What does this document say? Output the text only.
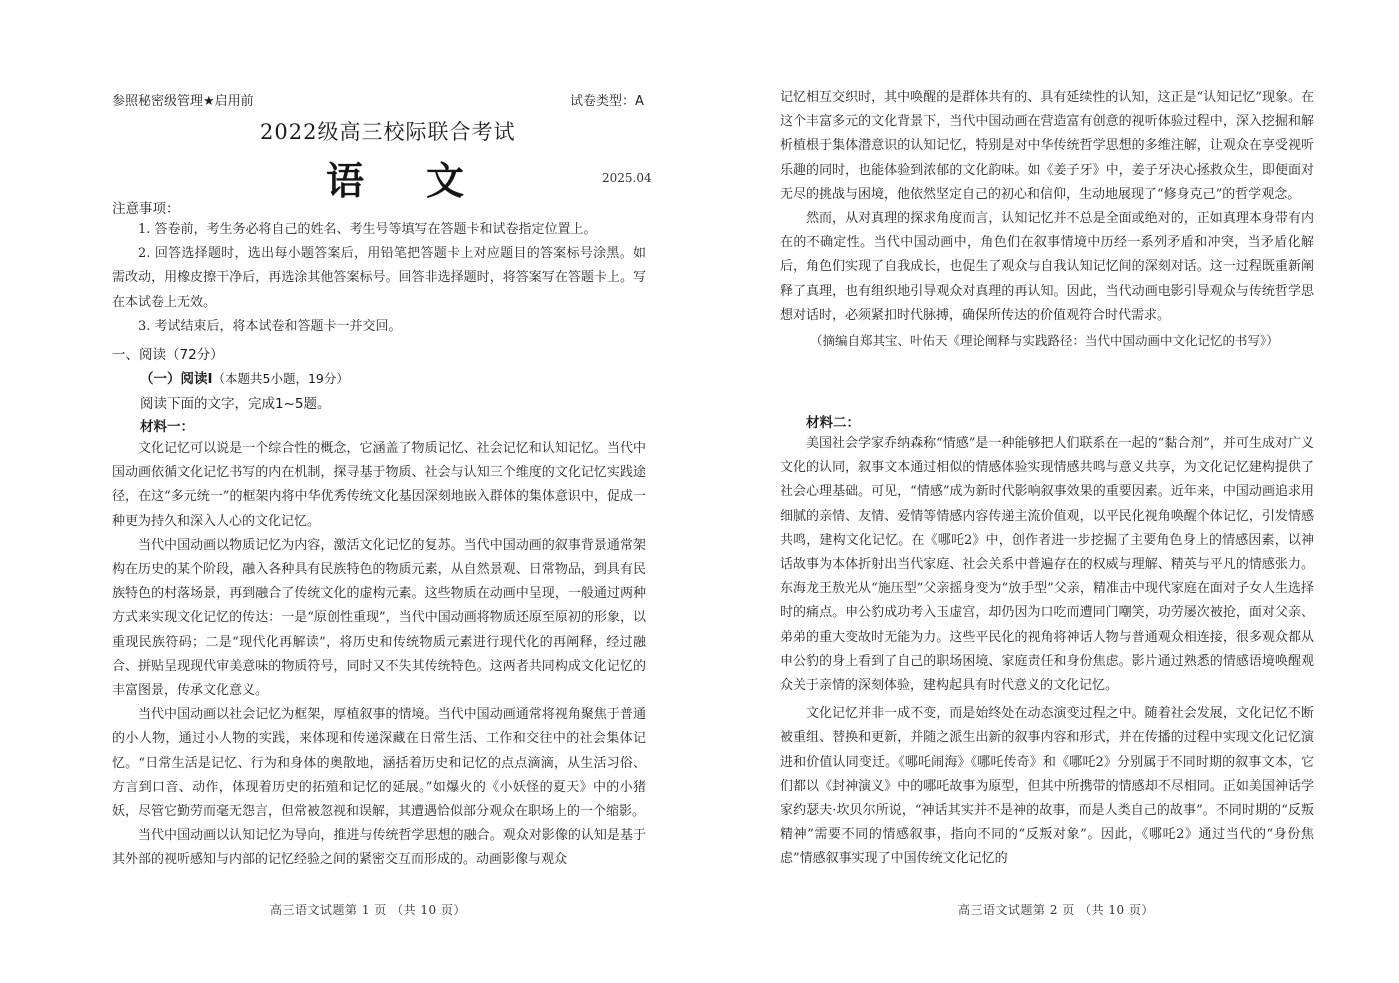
参照秘密级管理★启用前	试卷类型：A
2022级高三校际联合考试
语文	2025.04
注意事项：

1. 答卷前，考生务必将自己的姓名、考生号等填写在答题卡和试卷指定位置上。

2. 回答选择题时，选出每小题答案后，用铅笔把答题卡上对应题目的答案标号涂黑。如需改动，用橡皮擦干净后，再选涂其他答案标号。回答非选择题时，将答案写在答题卡上。写在本试卷上无效。

3. 考试结束后，将本试卷和答题卡一并交回。

一、阅读（72分）
（一）阅读Ⅰ（本题共5小题，19分）
阅读下面的文字，完成1~5题。
材料一：

文化记忆可以说是一个综合性的概念，它涵盖了物质记忆、社会记忆和认知记忆。当代中国动画依循文化记忆书写的内在机制，探寻基于物质、社会与认知三个维度的文化记忆实践途径，在这“多元统一”的框架内将中华优秀传统文化基因深刻地嵌入群体的集体意识中，促成一种更为持久和深入人心的文化记忆。

当代中国动画以物质记忆为内容，激活文化记忆的复苏。当代中国动画的叙事背景通常架构在历史的某个阶段，融入各种具有民族特色的物质元素，从自然景观、日常物品，到具有民族特色的村落场景，再到融合了传统文化的虚构元素。这些物质在动画中呈现，一般通过两种方式来实现文化记忆的传达：一是“原创性重现”，当代中国动画将物质还原至原初的形象，以重现民族符码；二是“现代化再解读”，将历史和传统物质元素进行现代化的再阐释，经过融合、拼贴呈现现代审美意味的物质符号，同时又不失其传统特色。这两者共同构成文化记忆的丰富图景，传承文化意义。

当代中国动画以社会记忆为框架，厚植叙事的情境。当代中国动画通常将视角聚焦于普通的小人物，通过小人物的实践，来体现和传递深藏在日常生活、工作和交往中的社会集体记忆。“日常生活是记忆、行为和身体的奥散地，涵括着历史和记忆的点点滴滴，从生活习俗、方言到口音、动作，体现着历史的拓殖和记忆的延展。”如爆火的《小妖怪的夏天》中的小猪妖，尽管它勤劳而毫无怨言，但常被忽视和误解，其遭遇恰似部分观众在职场上的一个缩影。

当代中国动画以认知记忆为导向，推进与传统哲学思想的融合。观众对影像的认知是基于其外部的视听感知与内部的记忆经验之间的紧密交互而形成的。动画影像与观众

高三语文试题第 1 页 （共 10 页）

记忆相互交织时，其中唤醒的是群体共有的、具有延续性的认知，这正是“认知记忆”现象。在这个丰富多元的文化背景下，当代中国动画在营造富有创意的视听体验过程中，深入挖掘和解析植根于集体潜意识的认知记忆，特别是对中华传统哲学思想的多维注解，让观众在享受视听乐趣的同时，也能体验到浓郁的文化韵味。如《姜子牙》中，姜子牙决心拯救众生，即便面对无尽的挑战与困境，他依然坚定自己的初心和信仰，生动地展现了“修身克己”的哲学观念。

然而，从对真理的探求角度而言，认知记忆并不总是全面或绝对的，正如真理本身带有内在的不确定性。当代中国动画中，角色们在叙事情境中历经一系列矛盾和冲突，当矛盾化解后，角色们实现了自我成长，也促生了观众与自我认知记忆间的深刻对话。这一过程既重新阐释了真理，也有组织地引导观众对真理的再认知。因此，当代动画电影引导观众与传统哲学思想对话时，必须紧扣时代脉搏，确保所传达的价值观符合时代需求。

（摘编自郑其宝、叶佑天《理论阐释与实践路径：当代中国动画中文化记忆的书写》）

材料二：

美国社会学家乔纳森称“情感”是一种能够把人们联系在一起的“黏合剂”，并可生成对广义文化的认同，叙事文本通过相似的情感体验实现情感共鸣与意义共享，为文化记忆建构提供了社会心理基础。可见，“情感”成为新时代影响叙事效果的重要因素。近年来，中国动画追求用细腻的亲情、友情、爱情等情感内容传递主流价值观，以平民化视角唤醒个体记忆，引发情感共鸣，建构文化记忆。在《哪吒2》中，创作者进一步挖掘了主要角色身上的情感因素，以神话故事为本体折射出当代家庭、社会关系中普遍存在的权威与理解、精英与平凡的情感张力。东海龙王敖光从“施压型”父亲摇身变为“放手型”父亲，精准击中现代家庭在面对子女人生选择时的痛点。申公豹成功考入玉虚宫，却仍因为口吃而遭同门嘲笑，功劳屡次被抢，面对父亲、弟弟的重大变故时无能为力。这些平民化的视角将神话人物与普通观众相连接，很多观众都从申公豹的身上看到了自己的职场困境、家庭责任和身份焦虑。影片通过熟悉的情感语境唤醒观众关于亲情的深刻体验，建构起具有时代意义的文化记忆。

文化记忆并非一成不变，而是始终处在动态演变过程之中。随着社会发展，文化记忆不断被重组、替换和更新，并随之派生出新的叙事内容和形式，并在传播的过程中实现文化记忆演进和价值认同变迁。《哪吒闹海》《哪吒传奇》和《哪吒2》分别属于不同时期的叙事文本，它们都以《封神演义》中的哪吒故事为原型，但其中所携带的情感却不尽相同。正如美国神话学家约瑟夫·坎贝尔所说，“神话其实并不是神的故事，而是人类自己的故事”。不同时期的“反叛精神”需要不同的情感叙事，指向不同的“反叛对象”。因此，《哪吒2》通过当代的“身份焦虑”情感叙事实现了中国传统文化记忆的

高三语文试题第 2 页 （共 10 页）
